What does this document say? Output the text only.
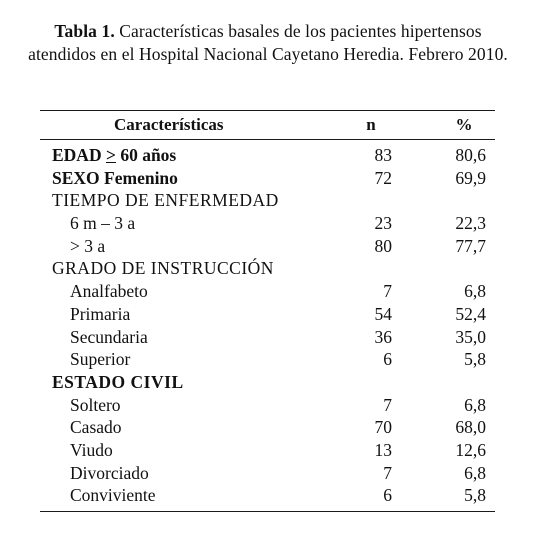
Tabla 1. Características basales de los pacientes hipertensos atendidos en el Hospital Nacional Cayetano Heredia. Febrero 2010.
Características	n	%
EDAD > 60 años	83	80,6
SEXO Femenino	72	69,9
TIEMPO DE ENFERMEDAD
6 m – 3 a	23	22,3
> 3 a	80	77,7
GRADO DE INSTRUCCIÓN
Analfabeto	7	6,8
Primaria	54	52,4
Secundaria	36	35,0
Superior	6	5,8
ESTADO CIVIL
Soltero	7	6,8
Casado	70	68,0
Viudo	13	12,6
Divorciado	7	6,8
Conviviente	6	5,8
